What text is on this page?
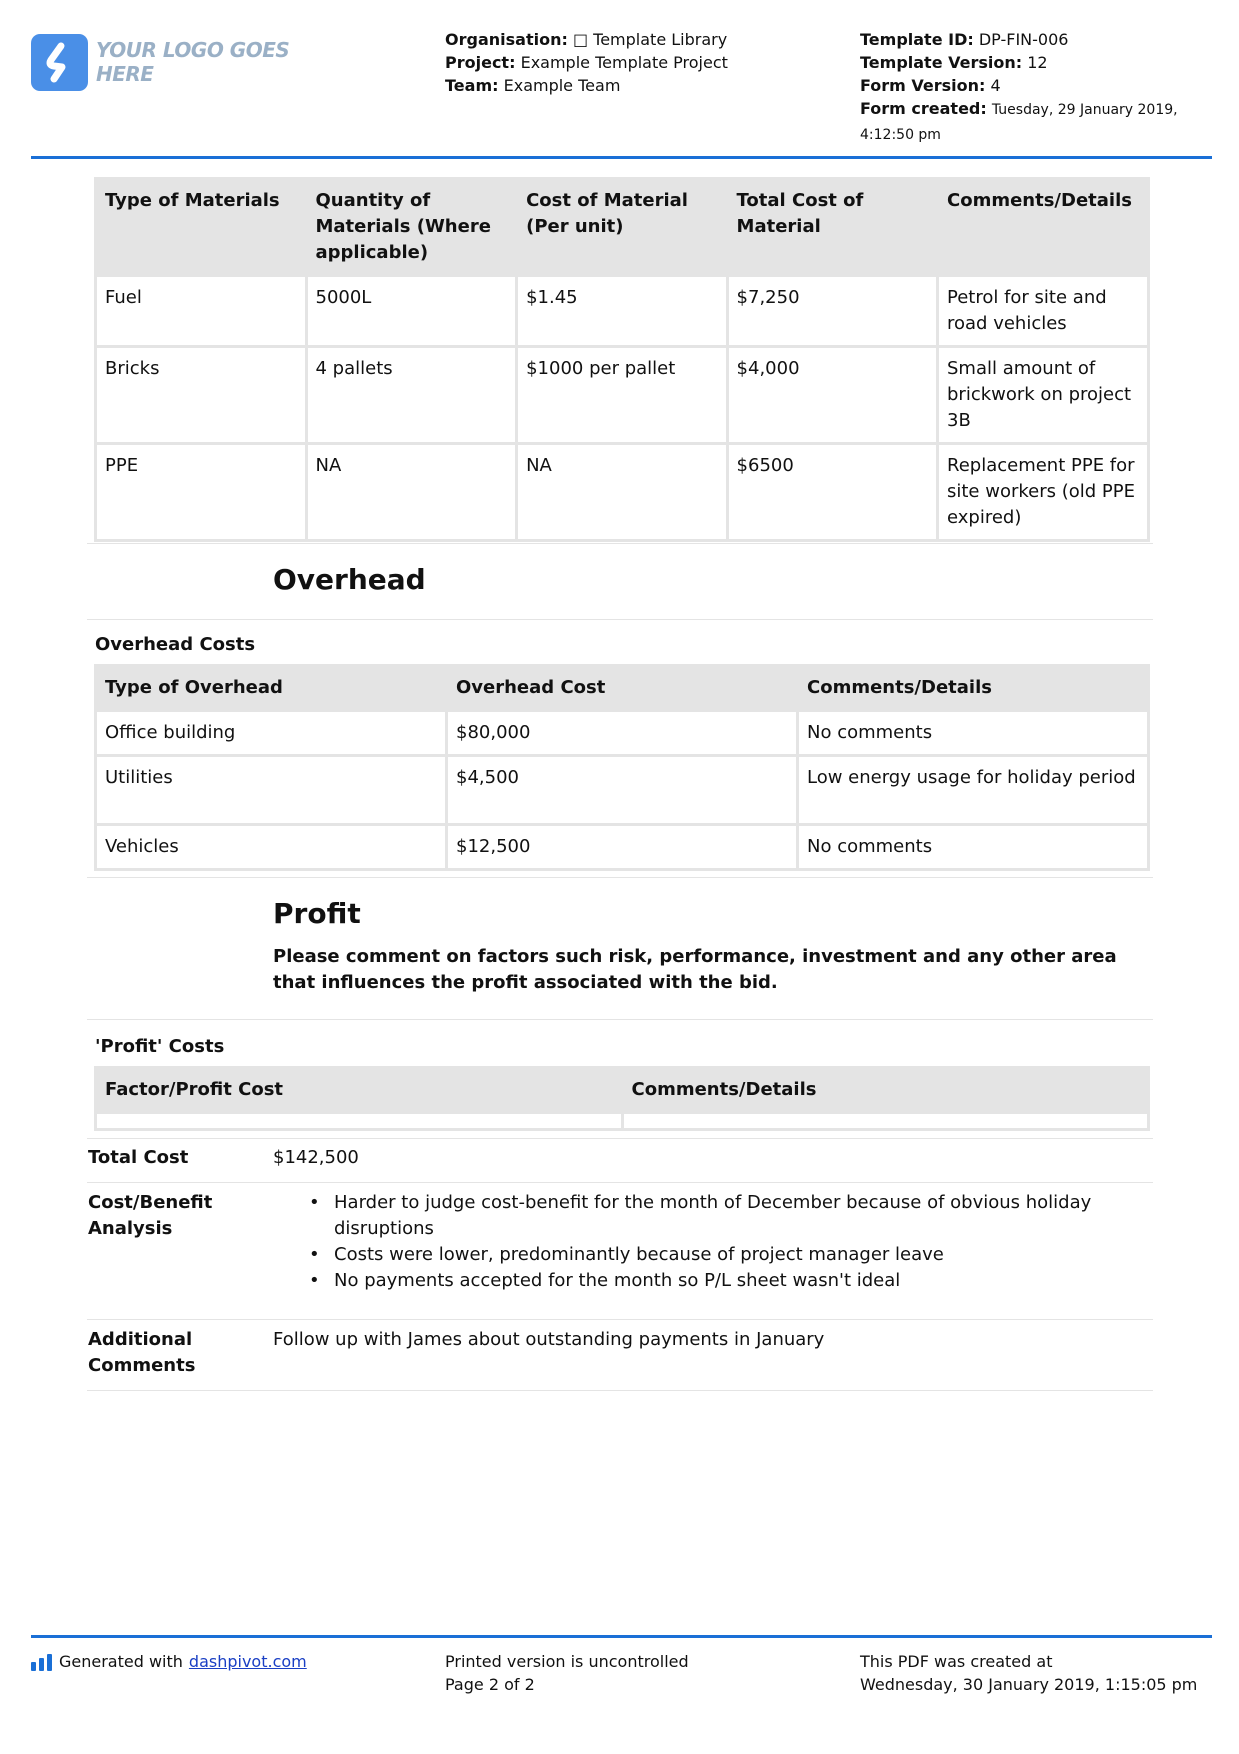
YOUR LOGO GOES HERE
Organisation: □ Template Library
Project: Example Template Project
Team: Example Team
Template ID: DP-FIN-006
Template Version: 12
Form Version: 4
Form created: Tuesday, 29 January 2019, 4:12:50 pm
Type of Materials	Quantity of Materials (Where applicable)	Cost of Material (Per unit)	Total Cost of Material	Comments/Details
Fuel	5000L	$1.45	$7,250	Petrol for site and road vehicles
Bricks	4 pallets	$1000 per pallet	$4,000	Small amount of brickwork on project 3B
PPE	NA	NA	$6500	Replacement PPE for site workers (old PPE expired)
Overhead
Overhead Costs
Type of Overhead	Overhead Cost	Comments/Details
Office building	$80,000	No comments
Utilities	$4,500	Low energy usage for holiday period
Vehicles	$12,500	No comments
Profit
Please comment on factors such risk, performance, investment and any other area that influences the profit associated with the bid.
'Profit' Costs
Factor/Profit Cost	Comments/Details

Total Cost	$142,500
Cost/Benefit Analysis
• Harder to judge cost-benefit for the month of December because of obvious holiday disruptions
• Costs were lower, predominantly because of project manager leave
• No payments accepted for the month so P/L sheet wasn't ideal
Additional Comments
Follow up with James about outstanding payments in January
Generated with dashpivot.com	Printed version is uncontrolled
Page 2 of 2
This PDF was created at
Wednesday, 30 January 2019, 1:15:05 pm
